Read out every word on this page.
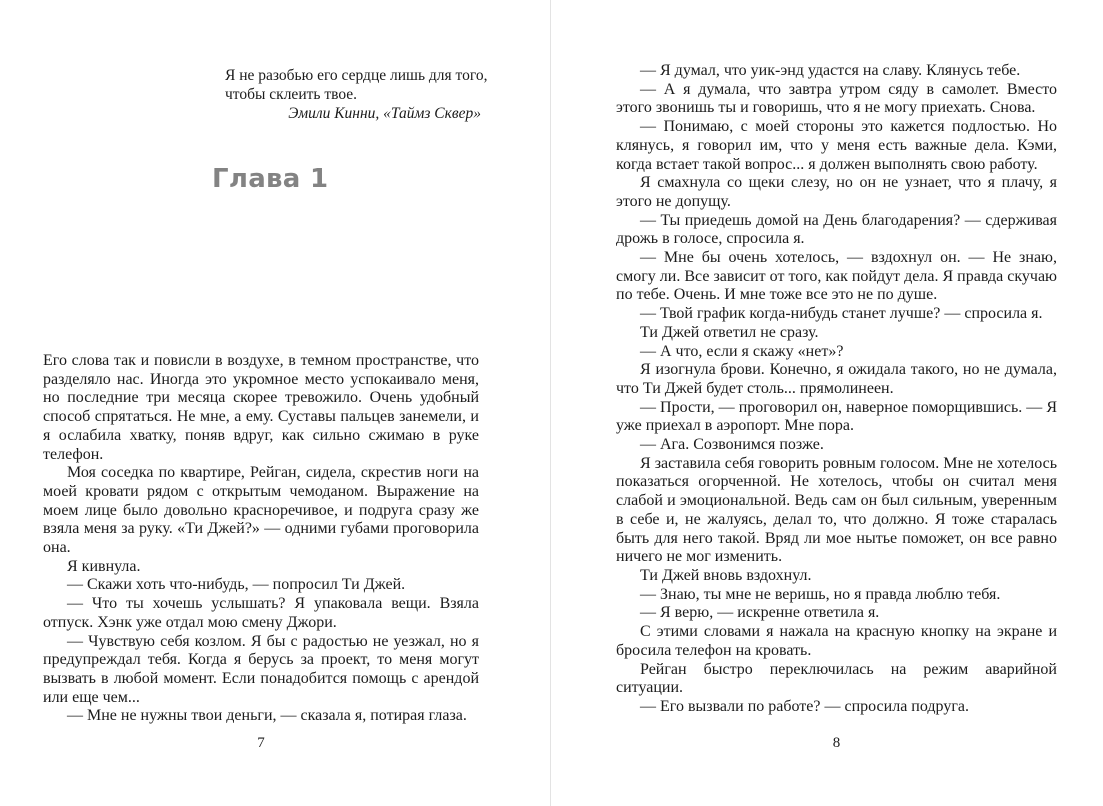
Я не разобью его сердце лишь для того,
чтобы склеить твое.
Эмили Кинни, «Таймз Сквер»
Глава 1

Его слова так и повисли в воздухе, в темном пространстве, что разделяло нас. Иногда это укромное место успокаивало меня, но последние три месяца скорее тревожило. Очень удобный способ спрятаться. Не мне, а ему. Суставы пальцев занемели, и я ослабила хватку, поняв вдруг, как сильно сжимаю в руке телефон.

Моя соседка по квартире, Рейган, сидела, скрестив ноги на моей кровати рядом с открытым чемоданом. Выражение на моем лице было довольно красноречивое, и подруга сразу же взяла меня за руку. «Ти Джей?» — одними губами проговорила она.

Я кивнула.

— Скажи хоть что-нибудь, — попросил Ти Джей.

— Что ты хочешь услышать? Я упаковала вещи. Взяла отпуск. Хэнк уже отдал мою смену Джори.

— Чувствую себя козлом. Я бы с радостью не уезжал, но я предупреждал тебя. Когда я берусь за проект, то меня могут вызвать в любой момент. Если понадобится помощь с арендой или еще чем...

— Мне не нужны твои деньги, — сказала я, потирая глаза.

7

— Я думал, что уик-энд удастся на славу. Клянусь тебе.

— А я думала, что завтра утром сяду в самолет. Вместо этого звонишь ты и говоришь, что я не могу приехать. Снова.

— Понимаю, с моей стороны это кажется подлостью. Но клянусь, я говорил им, что у меня есть важные дела. Кэми, когда встает такой вопрос... я должен выполнять свою работу.

Я смахнула со щеки слезу, но он не узнает, что я плачу, я этого не допущу.

— Ты приедешь домой на День благодарения? — сдерживая дрожь в голосе, спросила я.

— Мне бы очень хотелось, — вздохнул он. — Не знаю, смогу ли. Все зависит от того, как пойдут дела. Я правда скучаю по тебе. Очень. И мне тоже все это не по душе.

— Твой график когда-нибудь станет лучше? — спросила я.

Ти Джей ответил не сразу.

— А что, если я скажу «нет»?

Я изогнула брови. Конечно, я ожидала такого, но не думала, что Ти Джей будет столь... прямолинеен.

— Прости, — проговорил он, наверное поморщившись. — Я уже приехал в аэропорт. Мне пора.

— Ага. Созвонимся позже.

Я заставила себя говорить ровным голосом. Мне не хотелось показаться огорченной. Не хотелось, чтобы он считал меня слабой и эмоциональной. Ведь сам он был сильным, уверенным в себе и, не жалуясь, делал то, что должно. Я тоже старалась быть для него такой. Вряд ли мое нытье поможет, он все равно ничего не мог изменить.

Ти Джей вновь вздохнул.

— Знаю, ты мне не веришь, но я правда люблю тебя.

— Я верю, — искренне ответила я.

С этими словами я нажала на красную кнопку на экране и бросила телефон на кровать.

Рейган быстро переключилась на режим аварийной ситуации.

— Его вызвали по работе? — спросила подруга.

8
